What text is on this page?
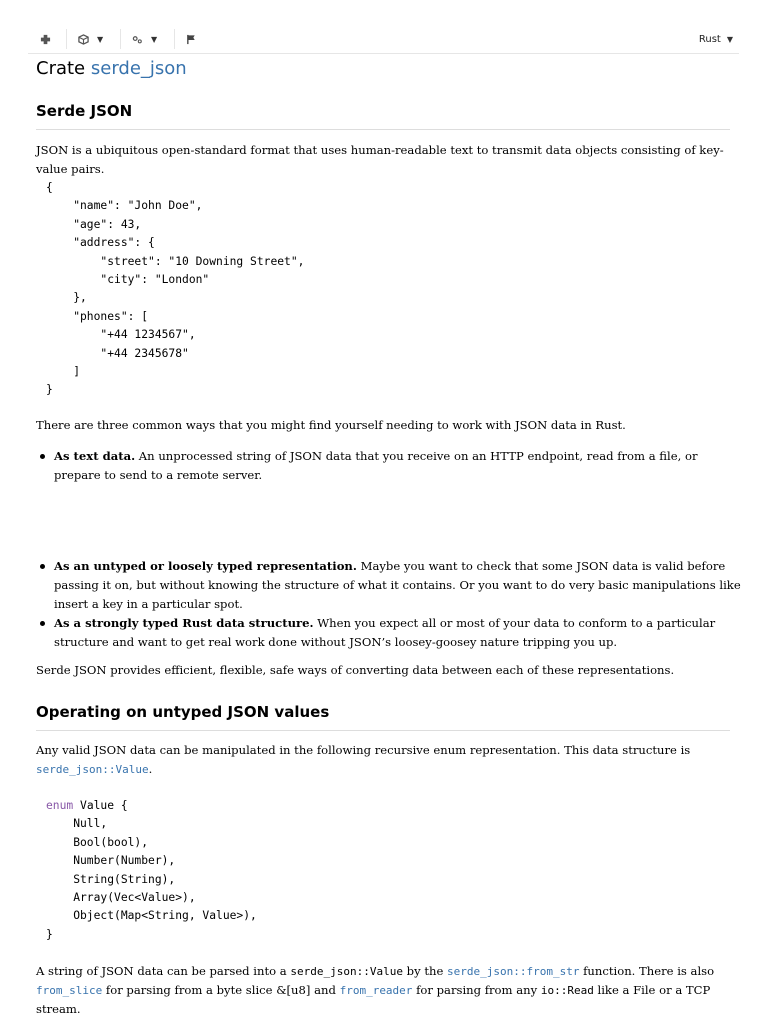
▼	▼	Rust ▼
Crate serde_json
Serde JSON

JSON is a ubiquitous open-standard format that uses human-readable text to transmit data objects consisting of key-value pairs.

{
"name": "John Doe",
"age": 43,
"address": {
"street": "10 Downing Street",
"city": "London"
},
"phones": [
"+44 1234567",
"+44 2345678"
]
}

There are three common ways that you might find yourself needing to work with JSON data in Rust.

As text data. An unprocessed string of JSON data that you receive on an HTTP endpoint, read from a file, or prepare to send to a remote server.
As an untyped or loosely typed representation. Maybe you want to check that some JSON data is valid before passing it on, but without knowing the structure of what it contains. Or you want to do very basic manipulations like insert a key in a particular spot.
As a strongly typed Rust data structure. When you expect all or most of your data to conform to a particular structure and want to get real work done without JSON’s loosey-goosey nature tripping you up.

Serde JSON provides efficient, flexible, safe ways of converting data between each of these representations.

Operating on untyped JSON values

Any valid JSON data can be manipulated in the following recursive enum representation. This data structure is
serde_json::Value.

enum Value {
Null,
Bool(bool),
Number(Number),
String(String),
Array(Vec<Value>),
Object(Map<String, Value>),
}

A string of JSON data can be parsed into a serde_json::Value by the serde_json::from_str function. There is also from_slice for parsing from a byte slice &[u8] and from_reader for parsing from any io::Read like a File or a TCP stream.
